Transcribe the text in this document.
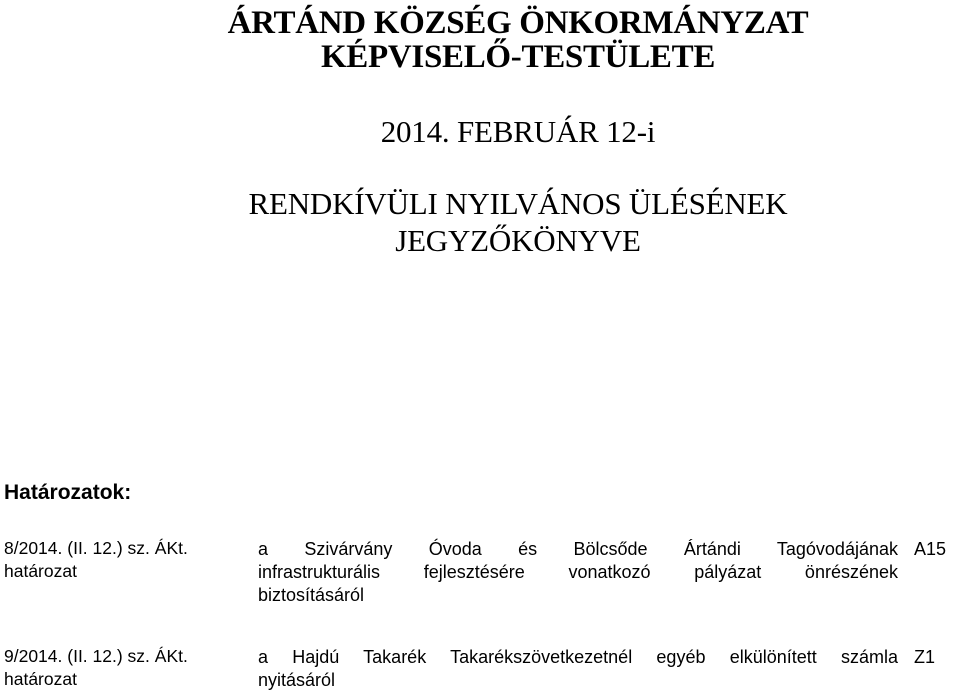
ÁRTÁND KÖZSÉG ÖNKORMÁNYZAT
KÉPVISELŐ-TESTÜLETE
2014. FEBRUÁR 12-i
RENDKÍVÜLI NYILVÁNOS ÜLÉSÉNEK
JEGYZŐKÖNYVE
Határozatok:
8/2014. (II. 12.) sz. ÁKt.
határozat
a Szivárvány Óvoda és Bölcsőde Ártándi Tagóvodájának
infrastrukturális fejlesztésére vonatkozó pályázat önrészének
biztosításáról
A15
9/2014. (II. 12.) sz. ÁKt.
határozat
a Hajdú Takarék Takarékszövetkezetnél egyéb elkülönített számla
nyitásáról
Z1
